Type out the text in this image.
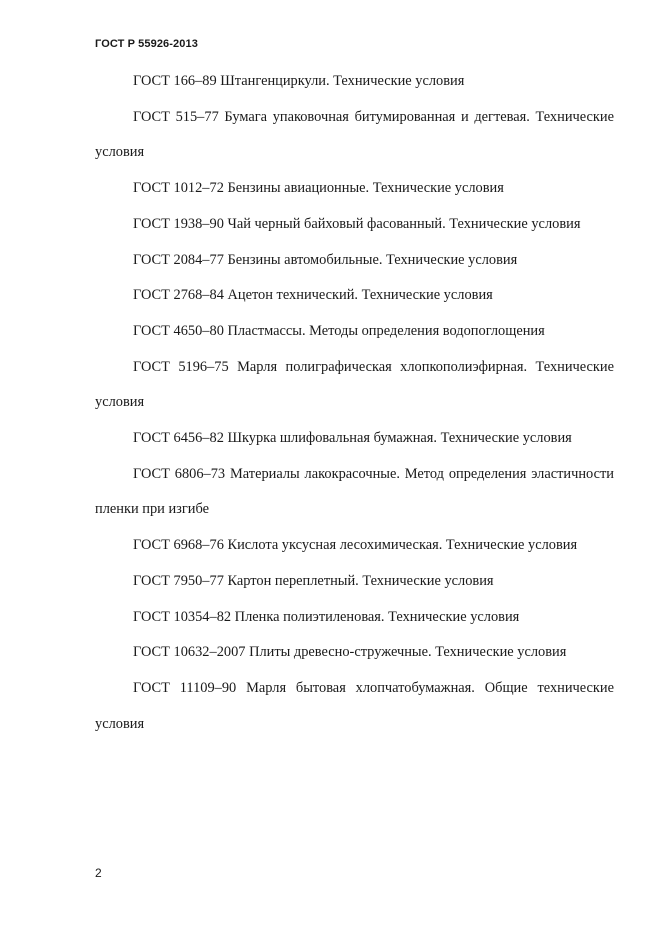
ГОСТ Р 55926-2013

ГОСТ 166–89 Штангенциркули. Технические условия

ГОСТ 515–77 Бумага упаковочная битумированная и дегтевая. Технические условия

ГОСТ 1012–72 Бензины авиационные. Технические условия

ГОСТ 1938–90 Чай черный байховый фасованный. Технические условия

ГОСТ 2084–77 Бензины автомобильные. Технические условия

ГОСТ 2768–84 Ацетон технический. Технические условия

ГОСТ 4650–80 Пластмассы. Методы определения водопоглощения

ГОСТ 5196–75 Марля полиграфическая хлопкополиэфирная. Технические условия

ГОСТ 6456–82 Шкурка шлифовальная бумажная. Технические условия

ГОСТ 6806–73 Материалы лакокрасочные. Метод определения эластичности пленки при изгибе

ГОСТ 6968–76 Кислота уксусная лесохимическая. Технические условия

ГОСТ 7950–77 Картон переплетный. Технические условия

ГОСТ 10354–82 Пленка полиэтиленовая. Технические условия

ГОСТ 10632–2007 Плиты древесно-стружечные. Технические условия

ГОСТ 11109–90 Марля бытовая хлопчатобумажная. Общие технические условия

2
